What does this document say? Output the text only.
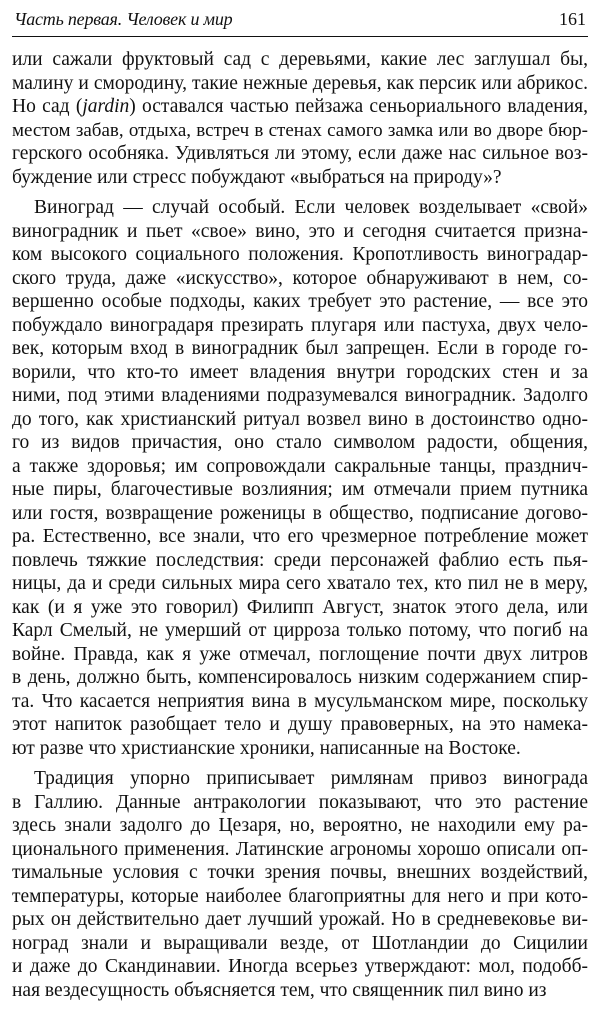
Часть первая. Человек и мир	161
или сажали фруктовый сад с деревьями, какие лес заглушал бы,
малину и смородину, такие нежные деревья, как персик или абрикос.
Но сад (jardin) оставался частью пейзажа сеньориального владения,
местом забав, отдыха, встреч в стенах самого замка или во дворе бюр-
герского особняка. Удивляться ли этому, если даже нас сильное воз-
буждение или стресс побуждают «выбраться на природу»?
Виноград — случай особый. Если человек возделывает «свой»
виноградник и пьет «свое» вино, это и сегодня считается призна-
ком высокого социального положения. Кропотливость виноградар-
ского труда, даже «искусство», которое обнаруживают в нем, со-
вершенно особые подходы, каких требует это растение, — все это
побуждало виноградаря презирать плугаря или пастуха, двух чело-
век, которым вход в виноградник был запрещен. Если в городе го-
ворили, что кто-то имеет владения внутри городских стен и за
ними, под этими владениями подразумевался виноградник. Задолго
до того, как христианский ритуал возвел вино в достоинство одно-
го из видов причастия, оно стало символом радости, общения,
а также здоровья; им сопровождали сакральные танцы, празднич-
ные пиры, благочестивые возлияния; им отмечали прием путника
или гостя, возвращение роженицы в общество, подписание догово-
ра. Естественно, все знали, что его чрезмерное потребление может
повлечь тяжкие последствия: среди персонажей фаблио есть пья-
ницы, да и среди сильных мира сего хватало тех, кто пил не в меру,
как (и я уже это говорил) Филипп Август, знаток этого дела, или
Карл Смелый, не умерший от цирроза только потому, что погиб на
войне. Правда, как я уже отмечал, поглощение почти двух литров
в день, должно быть, компенсировалось низким содержанием спир-
та. Что касается неприятия вина в мусульманском мире, поскольку
этот напиток разобщает тело и душу правоверных, на это намека-
ют разве что христианские хроники, написанные на Востоке.
Традиция упорно приписывает римлянам привоз винограда
в Галлию. Данные антракологии показывают, что это растение
здесь знали задолго до Цезаря, но, вероятно, не находили ему ра-
ционального применения. Латинские агрономы хорошо описали оп-
тимальные условия с точки зрения почвы, внешних воздействий,
температуры, которые наиболее благоприятны для него и при кото-
рых он действительно дает лучший урожай. Но в средневековье ви-
ноград знали и выращивали везде, от Шотландии до Сицилии
и даже до Скандинавии. Иногда всерьез утверждают: мол, подобб-
ная вездесущность объясняется тем, что священник пил вино из
